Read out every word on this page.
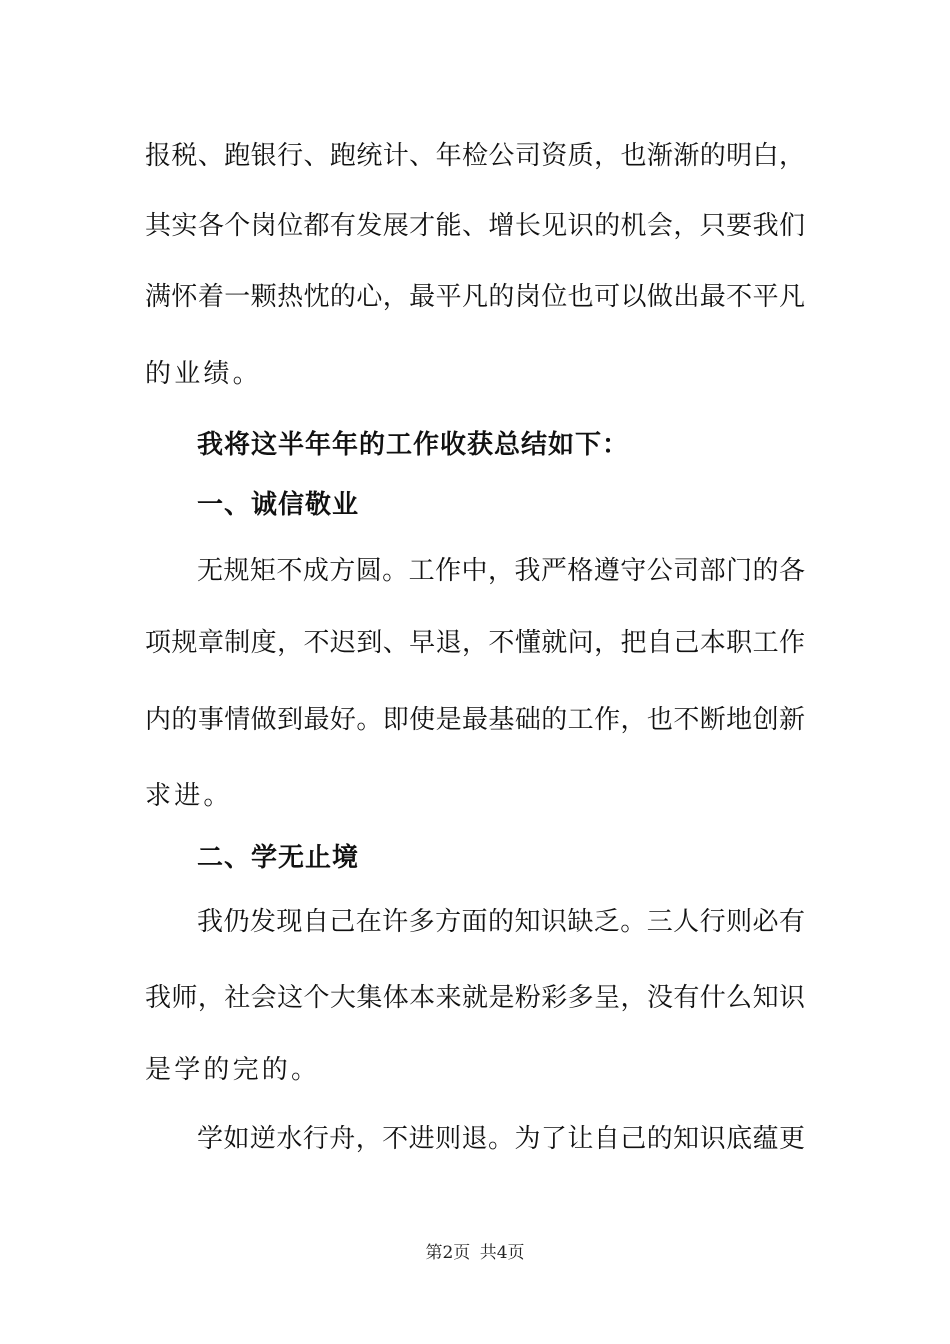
报税、跑银行、跑统计、年检公司资质，也渐渐的明白，
其实各个岗位都有发展才能、增长见识的机会，只要我们
满怀着一颗热忱的心，最平凡的岗位也可以做出最不平凡
的业绩。
我将这半年年的工作收获总结如下：
一、诚信敬业
无规矩不成方圆。工作中，我严格遵守公司部门的各
项规章制度，不迟到、早退，不懂就问，把自己本职工作
内的事情做到最好。即使是最基础的工作，也不断地创新
求进。
二、学无止境
我仍发现自己在许多方面的知识缺乏。三人行则必有
我师，社会这个大集体本来就是粉彩多呈，没有什么知识
是学的完的。
学如逆水行舟，不进则退。为了让自己的知识底蕴更
第2页 共4页
